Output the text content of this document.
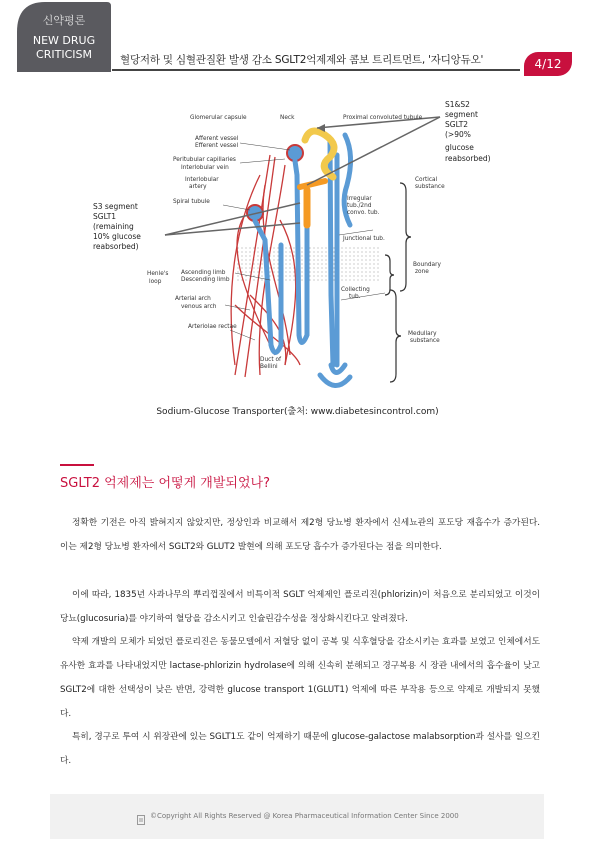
신약평론
NEW DRUG
CRITICISM	혈당저하 및 심혈관질환 발생 감소 SGLT2억제제와 콤보 트리트먼트, '자디앙듀오'	4/12
Glomerular capsule	Neck	Proximal convoluted tubule
Afferent vessel
Efferent vessel
Peritubular capillaries
Interlobular vein
Interlobular
artery
Spiral tubule	Irregular
tub./2nd
convo. tub.
Junctional tub.
Cortical
substance
Boundary
zone
Henle's
loop
Ascending limb
Descending limb
Arterial arch
venous arch
Collecting
tub.
Medullary
substance
Arteriolae rectae
Duct of
Bellini
S1&S2
segment
SGLT2
(>90%
glucose
reabsorbed)
S3 segment
SGLT1
(remaining
10% glucose
reabsorbed)
Sodium-Glucose Transporter(출처: www.diabetesincontrol.com)
SGLT2 억제제는 어떻게 개발되었나?
정확한 기전은 아직 밝혀지지 않았지만, 정상인과 비교해서 제2형 당뇨병 환자에서 신세뇨관의 포도당 재흡수가 증가된다. 이는 제2형 당뇨병 환자에서 SGLT2와 GLUT2 발현에 의해 포도당 흡수가 증가된다는 점을 의미한다.
이에 따라, 1835년 사과나무의 뿌리껍질에서 비특이적 SGLT 억제제인 플로리진(phlorizin)이 처음으로 분리되었고 이것이 당뇨(glucosuria)를 야기하여 혈당을 감소시키고 인슐린감수성을 정상화시킨다고 알려졌다.
약제 개발의 모체가 되었던 플로리진은 동물모델에서 저혈당 없이 공복 및 식후혈당을 감소시키는 효과를 보였고 인체에서도 유사한 효과를 나타내었지만 lactase-phlorizin hydrolase에 의해 신속히 분해되고 경구복용 시 장관 내에서의 흡수율이 낮고 SGLT2에 대한 선택성이 낮은 반면, 강력한 glucose transport 1(GLUT1) 억제에 따른 부작용 등으로 약제로 개발되지 못했다.
특히, 경구로 투여 시 위장관에 있는 SGLT1도 같이 억제하기 때문에 glucose-galactose malabsorption과 설사를 일으킨다.
©Copyright All Rights Reserved @ Korea Pharmaceutical Information Center Since 2000
